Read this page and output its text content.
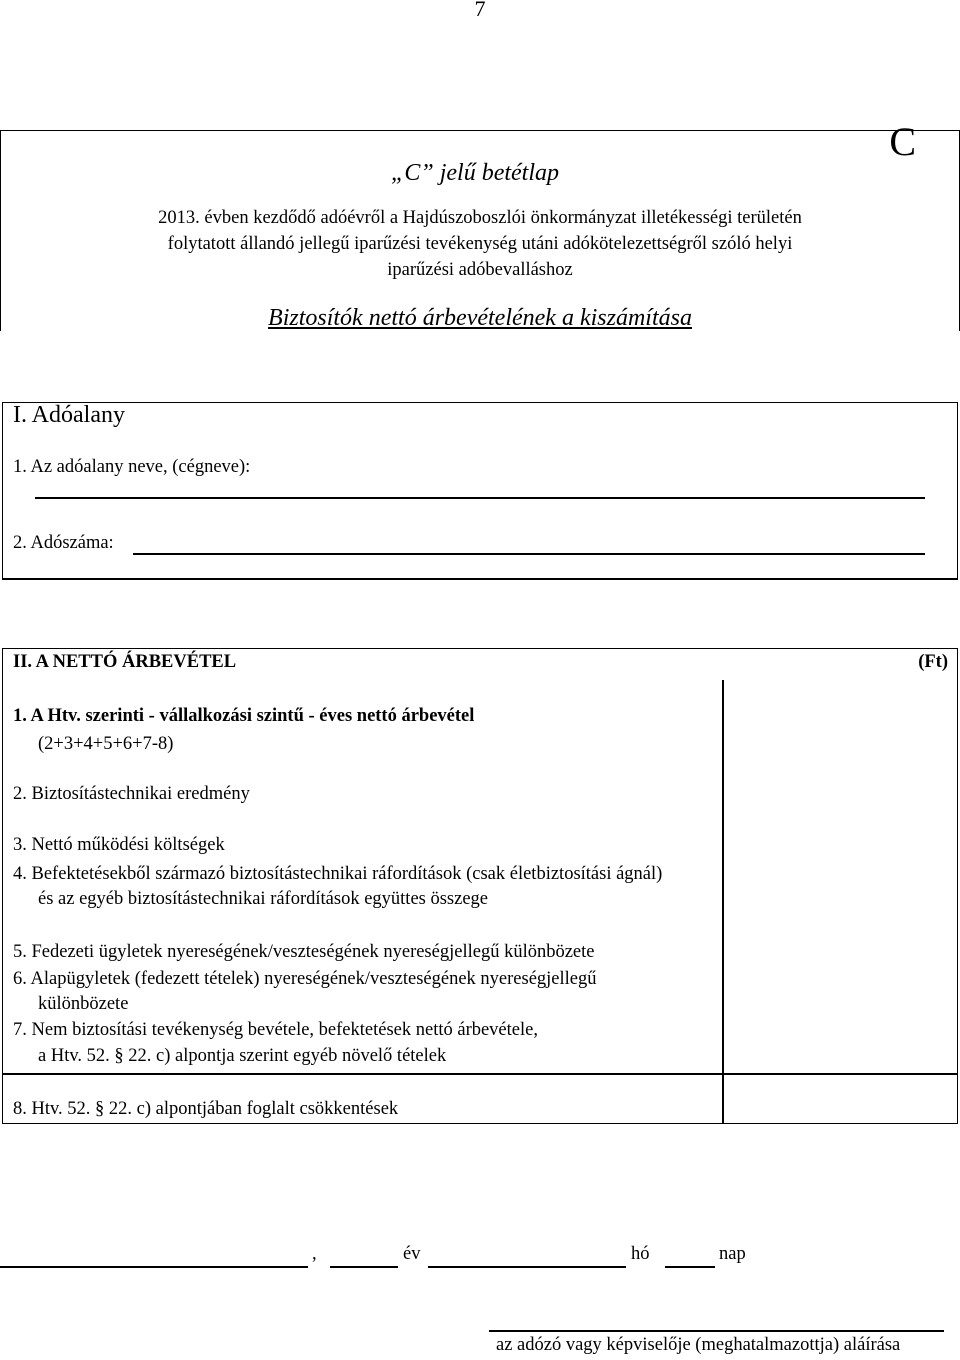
7
C
„C” jelű betétlap
2013. évben kezdődő adóévről a Hajdúszoboszlói önkormányzat illetékességi területén
folytatott állandó jellegű iparűzési tevékenység utáni adókötelezettségről szóló helyi
iparűzési adóbevalláshoz
Biztosítók nettó árbevételének a kiszámítása
I. Adóalany
1. Az adóalany neve, (cégneve):
2. Adószáma:
II. A NETTÓ ÁRBEVÉTEL	(Ft)
1. A Htv. szerinti - vállalkozási szintű - éves nettó árbevétel
(2+3+4+5+6+7-8)
2. Biztosítástechnikai eredmény
3. Nettó működési költségek
4. Befektetésekből származó biztosítástechnikai ráfordítások (csak életbiztosítási ágnál)
és az egyéb biztosítástechnikai ráfordítások együttes összege
5. Fedezeti ügyletek nyereségének/veszteségének nyereségjellegű különbözete
6. Alapügyletek (fedezett tételek) nyereségének/veszteségének nyereségjellegű
különbözete
7. Nem biztosítási tevékenység bevétele, befektetések nettó árbevétele,
a Htv. 52. § 22. c) alpontja szerint egyéb növelő tételek
8. Htv. 52. § 22. c) alpontjában foglalt csökkentések
,	év	hó	nap
az adózó vagy képviselője (meghatalmazottja) aláírása
